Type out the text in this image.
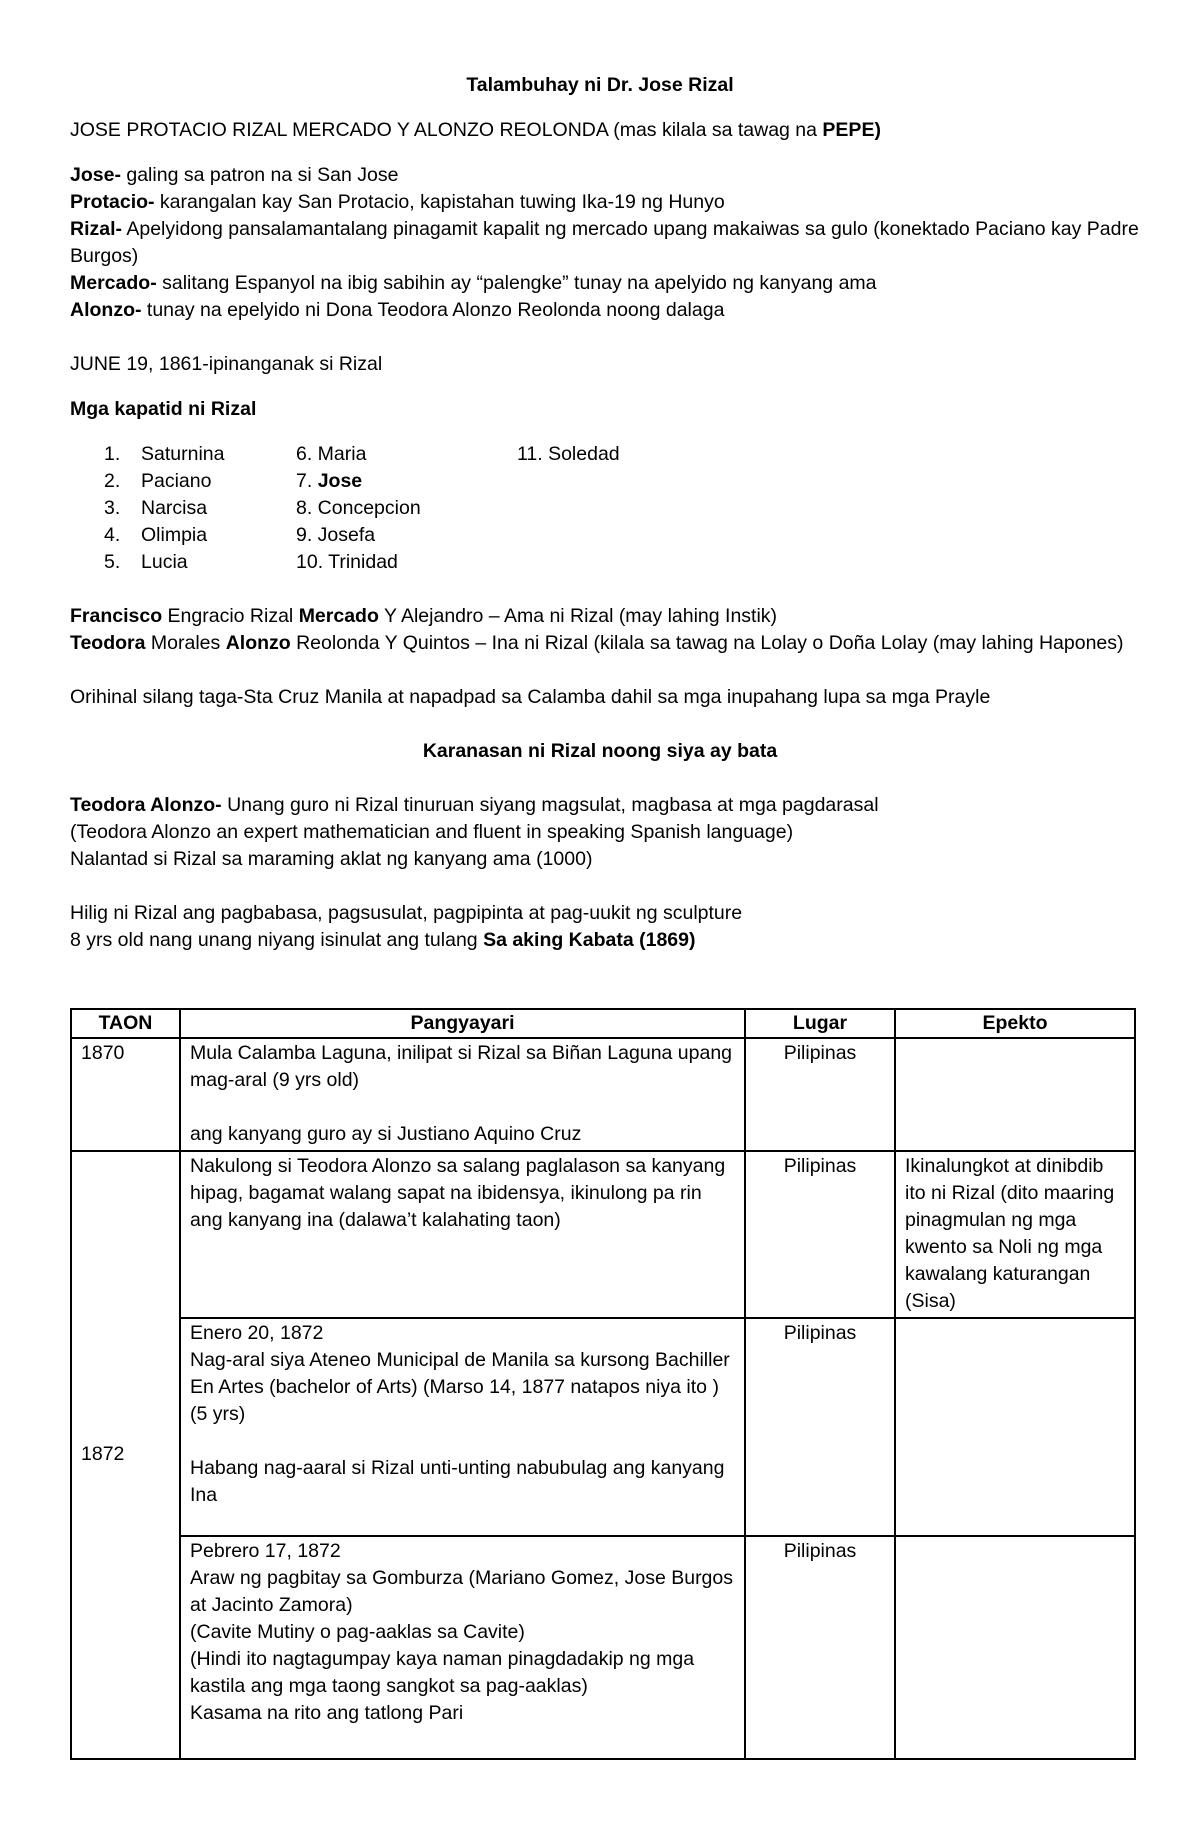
Talambuhay ni Dr. Jose Rizal
JOSE PROTACIO RIZAL MERCADO Y ALONZO REOLONDA (mas kilala sa tawag na PEPE)
Jose- galing sa patron na si San Jose
Protacio- karangalan kay San Protacio, kapistahan tuwing Ika-19 ng Hunyo
Rizal- Apelyidong pansalamantalang pinagamit kapalit ng mercado upang makaiwas sa gulo (konektado Paciano kay Padre
Burgos)
Mercado- salitang Espanyol na ibig sabihin ay “palengke” tunay na apelyido ng kanyang ama
Alonzo- tunay na epelyido ni Dona Teodora Alonzo Reolonda noong dalaga
JUNE 19, 1861-ipinanganak si Rizal
Mga kapatid ni Rizal
1. Saturnina
2. Paciano
3. Narcisa
4. Olimpia
5. Lucia
6. Maria
7. Jose
8. Concepcion
9. Josefa
10. Trinidad
11. Soledad
Francisco Engracio Rizal Mercado Y Alejandro – Ama ni Rizal (may lahing Instik)
Teodora Morales Alonzo Reolonda Y Quintos – Ina ni Rizal (kilala sa tawag na Lolay o Doña Lolay (may lahing Hapones)
Orihinal silang taga-Sta Cruz Manila at napadpad sa Calamba dahil sa mga inupahang lupa sa mga Prayle
Karanasan ni Rizal noong siya ay bata
Teodora Alonzo- Unang guro ni Rizal tinuruan siyang magsulat, magbasa at mga pagdarasal
(Teodora Alonzo an expert mathematician and fluent in speaking Spanish language)
Nalantad si Rizal sa maraming aklat ng kanyang ama (1000)
Hilig ni Rizal ang pagbabasa, pagsusulat, pagpipinta at pag-uukit ng sculpture
8 yrs old nang unang niyang isinulat ang tulang Sa aking Kabata (1869)
TAON	Pangyayari	Lugar	Epekto
1870	Mula Calamba Laguna, inilipat si Rizal sa Biñan Laguna upang mag-aral (9 yrs old)
ang kanyang guro ay si Justiano Aquino Cruz	Pilipinas	
1872	Nakulong si Teodora Alonzo sa salang paglalason sa kanyang hipag, bagamat walang sapat na ibidensya, ikinulong pa rin ang kanyang ina (dalawa’t kalahating taon)	Pilipinas	Ikinalungkot at dinibdib ito ni Rizal (dito maaring pinagmulan ng mga kwento sa Noli ng mga kawalang katurangan (Sisa)

	Enero 20, 1872
Nag-aral siya Ateneo Municipal de Manila sa kursong Bachiller En Artes (bachelor of Arts) (Marso 14, 1877 natapos niya ito ) (5 yrs)
Habang nag-aaral si Rizal unti-unting nabubulag ang kanyang Ina	Pilipinas	

	Pebrero 17, 1872
Araw ng pagbitay sa Gomburza (Mariano Gomez, Jose Burgos at Jacinto Zamora)
(Cavite Mutiny o pag-aaklas sa Cavite)
(Hindi ito nagtagumpay kaya naman pinagdadakip ng mga kastila ang mga taong sangkot sa pag-aaklas)
Kasama na rito ang tatlong Pari	Pilipinas	
